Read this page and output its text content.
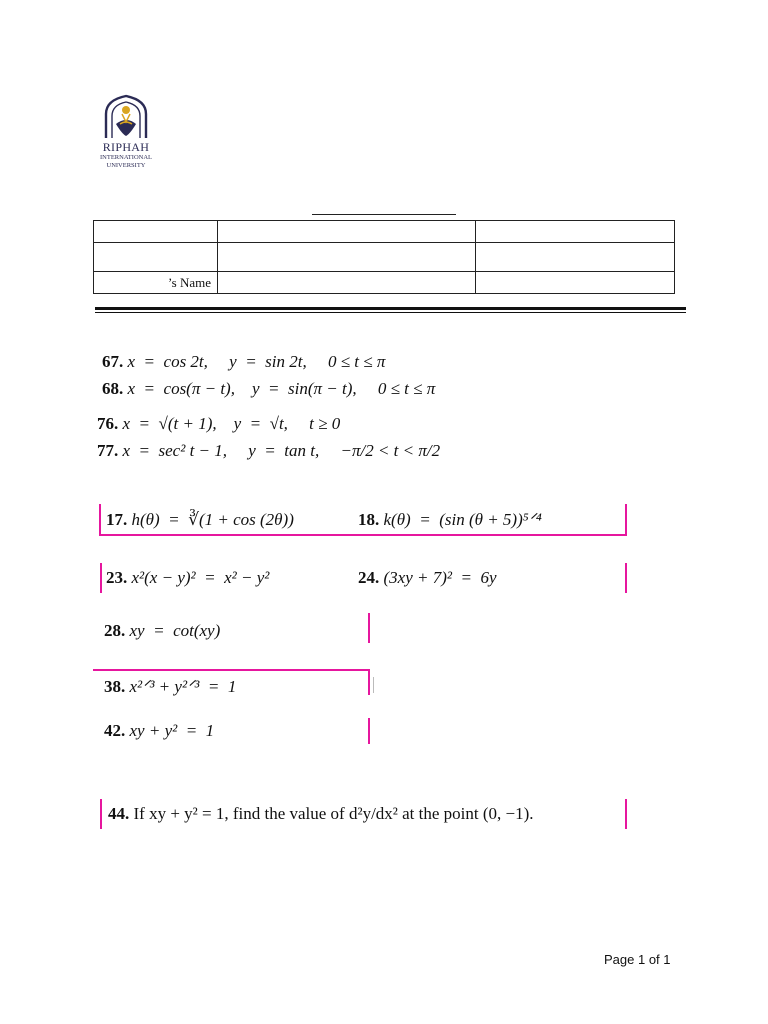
RIPHAH
INTERNATIONAL
UNIVERSITY

’s Name		
67. x  =  cos 2t,     y  =  sin 2t,     0 ≤ t ≤ π
68. x  =  cos(π − t),    y  =  sin(π − t),     0 ≤ t ≤ π
76. x  =  √(t + 1),    y  =  √t,     t ≥ 0
77. x  =  sec² t − 1,     y  =  tan t,     −π/2 < t < π/2
17. h(θ)  =  ∛(1 + cos (2θ))	18. k(θ)  =  (sin (θ + 5))⁵ᐟ⁴
23. x²(x − y)²  =  x² − y²	24. (3xy + 7)²  =  6y
28. xy  =  cot(xy)
38. x²ᐟ³ + y²ᐟ³  =  1
42. xy + y²  =  1
44. If xy + y² = 1, find the value of d²y/dx² at the point (0, −1).
Page 1 of 1
